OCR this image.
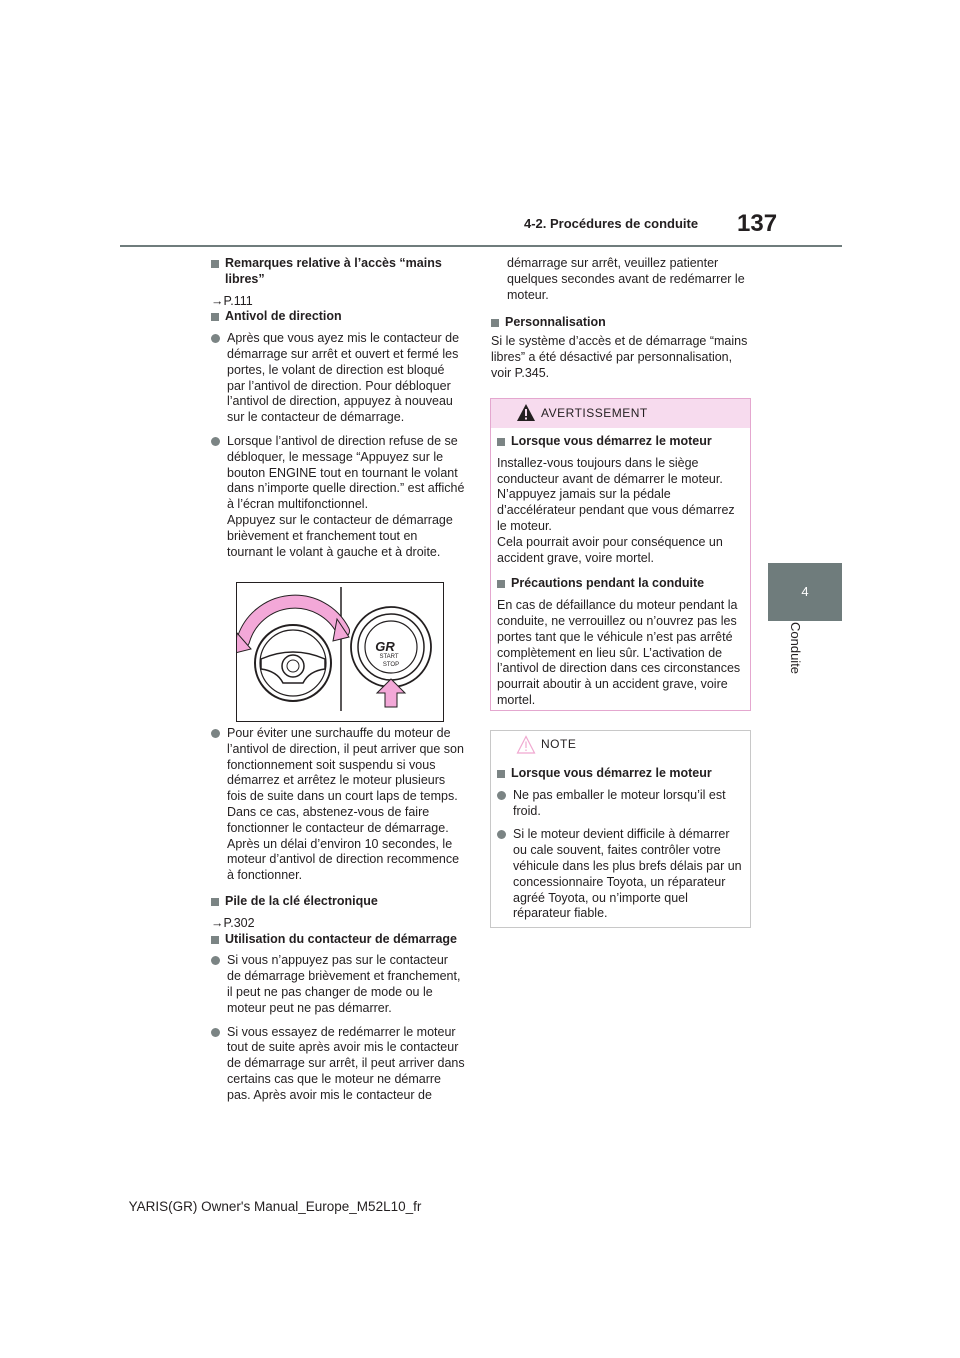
4-2. Procédures de conduite 137
4
Conduite
Remarques relative à l’accès “mains libres”

→P.111

Antivol de direction
Après que vous ayez mis le contacteur de démarrage sur arrêt et ouvert et fermé les portes, le volant de direction est bloqué par l’antivol de direction. Pour débloquer l’antivol de direction, appuyez à nouveau sur le contacteur de démarrage.
Lorsque l’antivol de direction refuse de se débloquer, le message “Appuyez sur le bouton ENGINE tout en tournant le volant dans n’importe quelle direction.” est affiché à l’écran multifonctionnel.
Appuyez sur le contacteur de démarrage brièvement et franchement tout en tournant le volant à gauche et à droite.
GR
START
STOP
Pour éviter une surchauffe du moteur de l’antivol de direction, il peut arriver que son fonctionnement soit suspendu si vous démarrez et arrêtez le moteur plusieurs fois de suite dans un court laps de temps. Dans ce cas, abstenez-vous de faire fonctionner le contacteur de démarrage. Après un délai d’environ 10 secondes, le moteur d’antivol de direction recommence à fonctionner.
Pile de la clé électronique

→P.302

Utilisation du contacteur de démarrage
Si vous n’appuyez pas sur le contacteur de démarrage brièvement et franchement, il peut ne pas changer de mode ou le moteur peut ne pas démarrer.
Si vous essayez de redémarrer le moteur tout de suite après avoir mis le contacteur de démarrage sur arrêt, il peut arriver dans certains cas que le moteur ne démarre pas. Après avoir mis le contacteur de

démarrage sur arrêt, veuillez patienter quelques secondes avant de redémarrer le moteur.

Personnalisation

Si le système d’accès et de démarrage “mains libres” a été désactivé par personnalisation, voir P.345.

AVERTISSEMENT
Lorsque vous démarrez le moteur

Installez-vous toujours dans le siège conducteur avant de démarrer le moteur. N’appuyez jamais sur la pédale d’accélérateur pendant que vous démarrez le moteur.

Cela pourrait avoir pour conséquence un accident grave, voire mortel.

Précautions pendant la conduite

En cas de défaillance du moteur pendant la conduite, ne verrouillez ou n’ouvrez pas les portes tant que le véhicule n’est pas arrêté complètement en lieu sûr. L’activation de l’antivol de direction dans ces circonstances pourrait aboutir à un accident grave, voire mortel.

NOTE
Lorsque vous démarrez le moteur
Ne pas emballer le moteur lorsqu’il est froid.
Si le moteur devient difficile à démarrer ou cale souvent, faites contrôler votre véhicule dans les plus brefs délais par un concessionnaire Toyota, un réparateur agréé Toyota, ou n’importe quel réparateur fiable.
YARIS(GR) Owner's Manual_Europe_M52L10_fr
